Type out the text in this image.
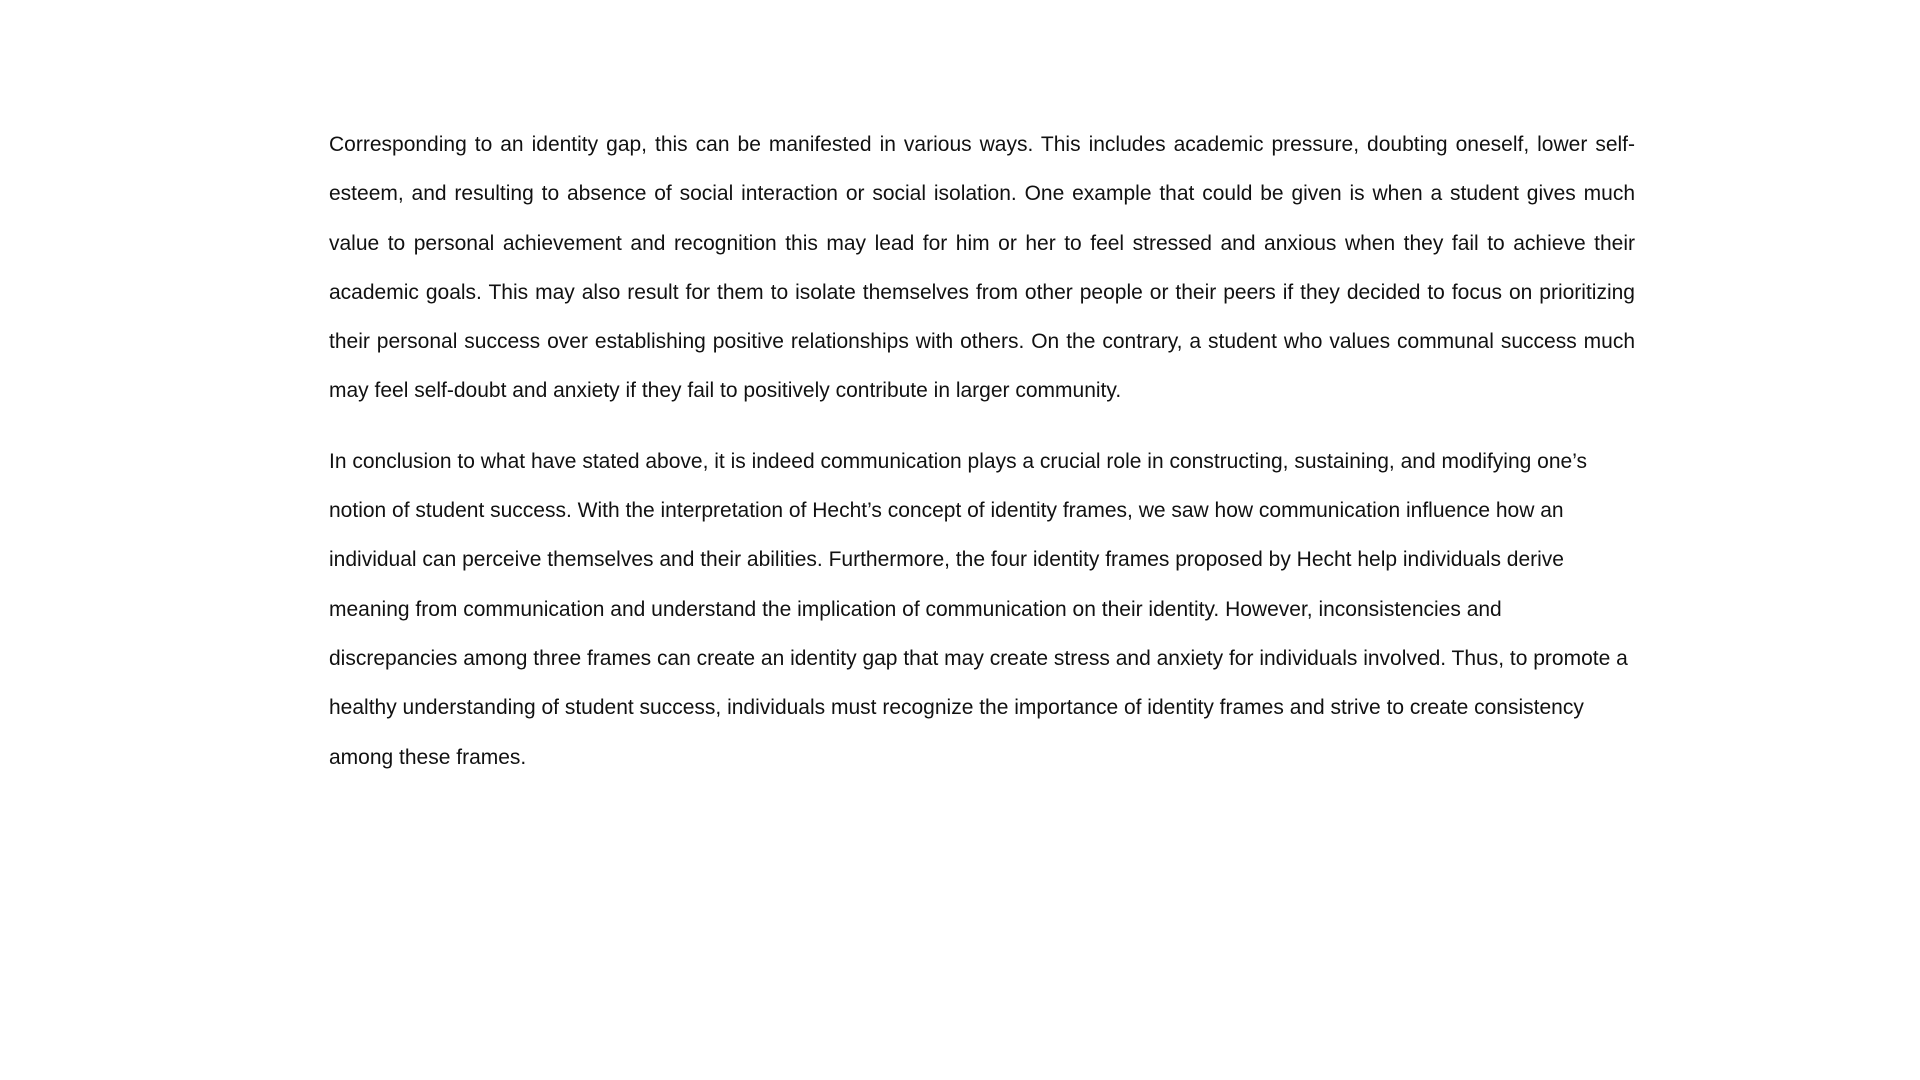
Corresponding to an identity gap, this can be manifested in various ways. This includes academic pressure, doubting oneself, lower self-esteem, and resulting to absence of social interaction or social isolation. One example that could be given is when a student gives much value to personal achievement and recognition this may lead for him or her to feel stressed and anxious when they fail to achieve their academic goals. This may also result for them to isolate themselves from other people or their peers if they decided to focus on prioritizing their personal success over establishing positive relationships with others. On the contrary, a student who values communal success much may feel self-doubt and anxiety if they fail to positively contribute in larger community.

In conclusion to what have stated above, it is indeed communication plays a crucial role in constructing, sustaining, and modifying one’s notion of student success. With the interpretation of Hecht’s concept of identity frames, we saw how communication influence how an individual can perceive themselves and their abilities. Furthermore, the four identity frames proposed by Hecht help individuals derive meaning from communication and understand the implication of communication on their identity. However, inconsistencies and discrepancies among three frames can create an identity gap that may create stress and anxiety for individuals involved. Thus, to promote a healthy understanding of student success, individuals must recognize the importance of identity frames and strive to create consistency among these frames.
